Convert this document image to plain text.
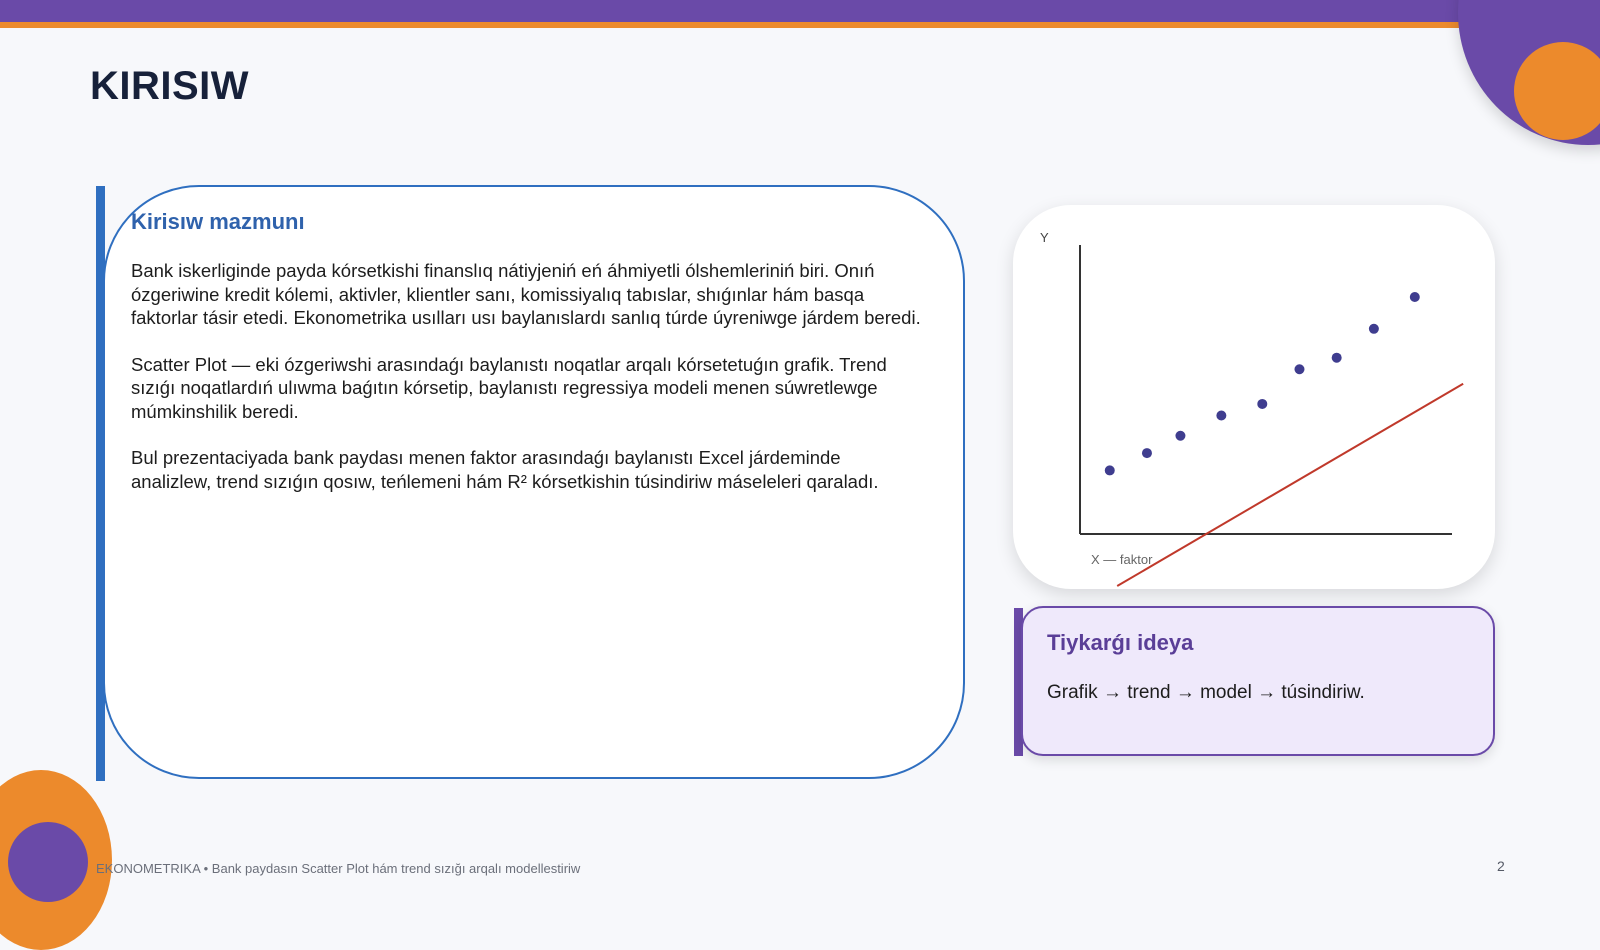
KIRISIW
Kirisıw mazmunı

Bank iskerliginde payda kórsetkishi finanslıq nátiyjeniń eń áhmiyetli ólshemleriniń biri. Onıń ózgeriwine kredit kólemi, aktivler, klientler sanı, komissiyalıq tabıslar, shıǵınlar hám basqa faktorlar tásir etedi. Ekonometrika usılları usı baylanıslardı sanlıq túrde úyreniwge járdem beredi.

Scatter Plot — eki ózgeriwshi arasındaǵı baylanıstı noqatlar arqalı kórsetetuǵın grafik. Trend sızıǵı noqatlardıń ulıwma baǵıtın kórsetip, baylanıstı regressiya modeli menen súwretlewge múmkinshilik beredi.

Bul prezentaciyada bank paydası menen faktor arasındaǵı baylanıstı Excel járdeminde analizlew, trend sızıǵın qosıw, teńlemeni hám R² kórsetkishin túsindiriw máseleleri qaraladı.

Y
X — faktor
Tiykarǵı ideya

Grafik → trend → model → túsindiriw.

EKONOMETRIKA • Bank paydasın Scatter Plot hám trend sızığı arqalı modellestiriw	2
